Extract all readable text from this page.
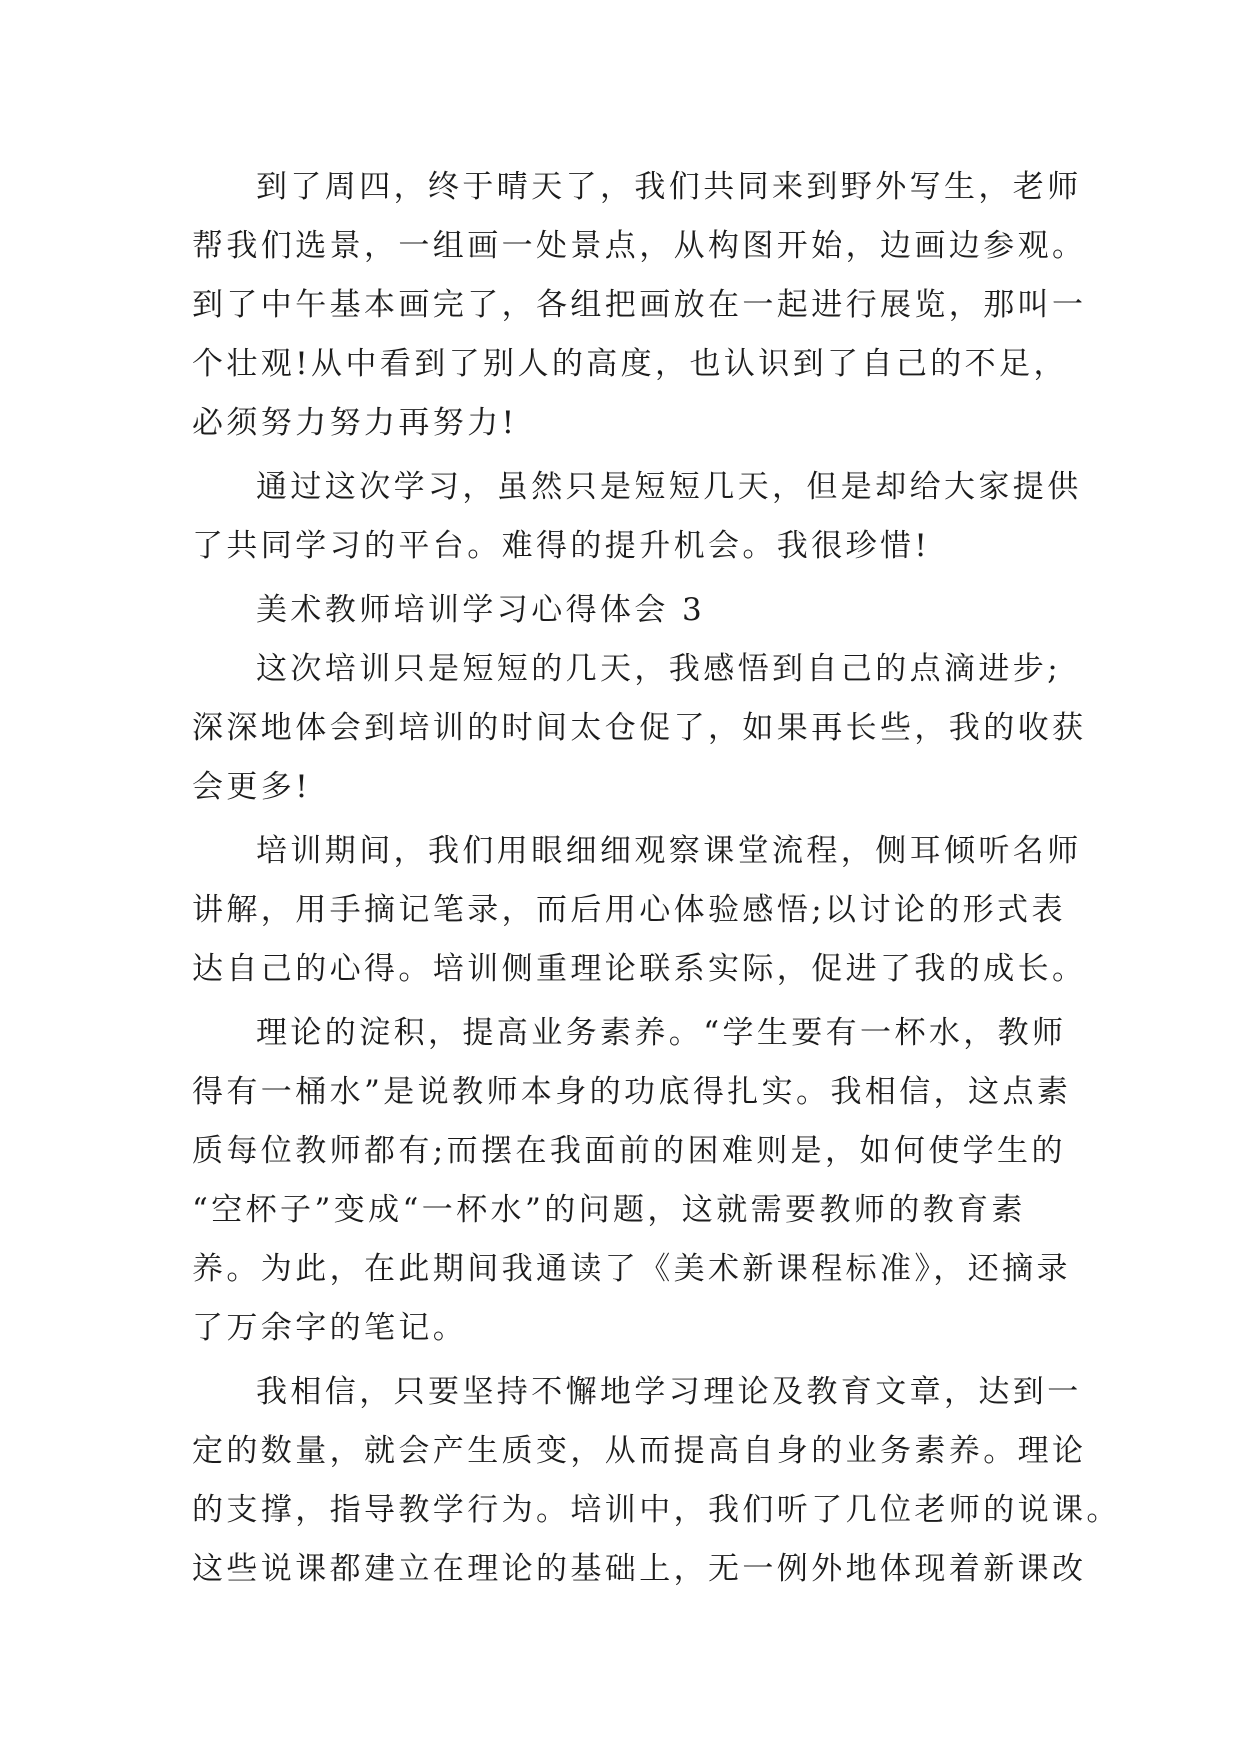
到了周四，终于晴天了，我们共同来到野外写生，老师
帮我们选景，一组画一处景点，从构图开始，边画边参观。
到了中午基本画完了，各组把画放在一起进行展览，那叫一
个壮观!从中看到了别人的高度，也认识到了自己的不足，
必须努力努力再努力!
通过这次学习，虽然只是短短几天，但是却给大家提供
了共同学习的平台。难得的提升机会。我很珍惜!
美术教师培训学习心得体会 3
这次培训只是短短的几天，我感悟到自己的点滴进步;
深深地体会到培训的时间太仓促了，如果再长些，我的收获
会更多!
培训期间，我们用眼细细观察课堂流程，侧耳倾听名师
讲解，用手摘记笔录，而后用心体验感悟;以讨论的形式表
达自己的心得。培训侧重理论联系实际，促进了我的成长。
理论的淀积，提高业务素养。“学生要有一杯水，教师
得有一桶水”是说教师本身的功底得扎实。我相信，这点素
质每位教师都有;而摆在我面前的困难则是，如何使学生的
“空杯子”变成“一杯水”的问题，这就需要教师的教育素
养。为此，在此期间我通读了《美术新课程标准》，还摘录
了万余字的笔记。
我相信，只要坚持不懈地学习理论及教育文章，达到一
定的数量，就会产生质变，从而提高自身的业务素养。理论
的支撑，指导教学行为。培训中，我们听了几位老师的说课。
这些说课都建立在理论的基础上，无一例外地体现着新课改
